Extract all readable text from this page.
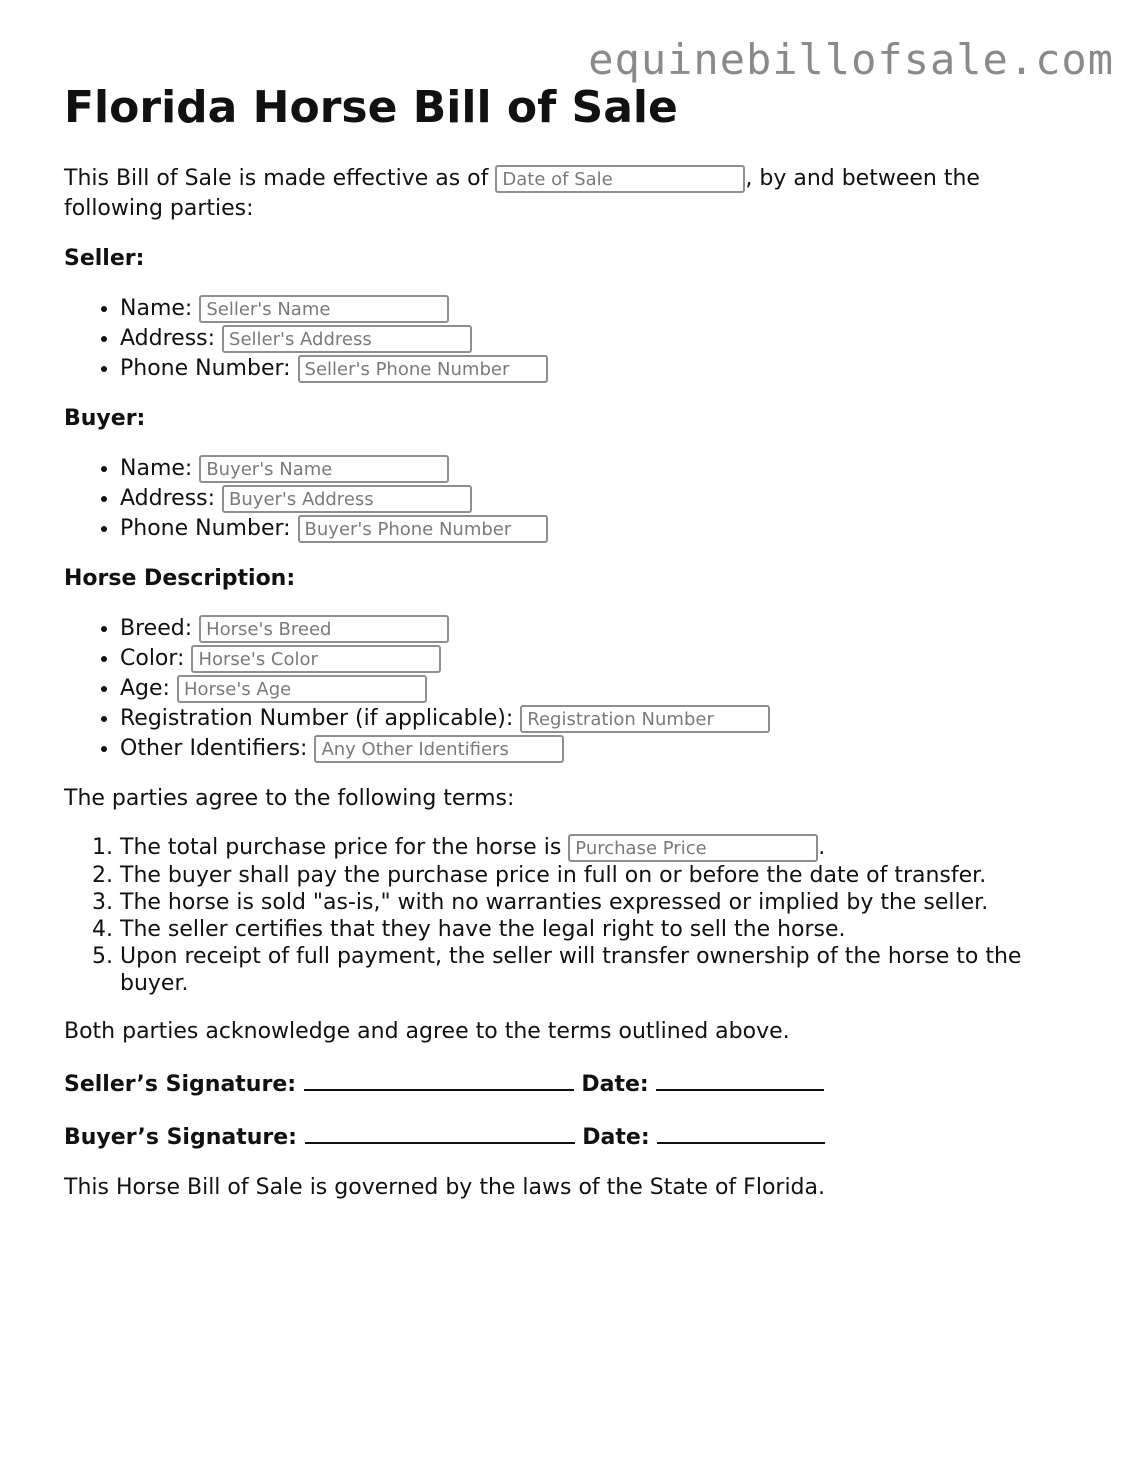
equinebillofsale.com
Florida Horse Bill of Sale

This Bill of Sale is made effective as of Date of Sale	, by and between the following parties:

Seller:

• Name: Seller's Name
• Address: Seller's Address
• Phone Number: Seller's Phone Number

Buyer:

• Name: Buyer's Name
• Address: Buyer's Address
• Phone Number: Buyer's Phone Number

Horse Description:

• Breed: Horse's Breed
• Color: Horse's Color
• Age: Horse's Age
• Registration Number (if applicable): Registration Number
• Other Identifiers: Any Other Identifiers

The parties agree to the following terms:

1. The total purchase price for the horse is Purchase Price	.
2. The buyer shall pay the purchase price in full on or before the date of transfer.
3. The horse is sold "as-is," with no warranties expressed or implied by the seller.
4. The seller certifies that they have the legal right to sell the horse.
5. Upon receipt of full payment, the seller will transfer ownership of the horse to the buyer.

Both parties acknowledge and agree to the terms outlined above.

Seller’s Signature:	Date:

Buyer’s Signature:	Date:

This Horse Bill of Sale is governed by the laws of the State of Florida.
